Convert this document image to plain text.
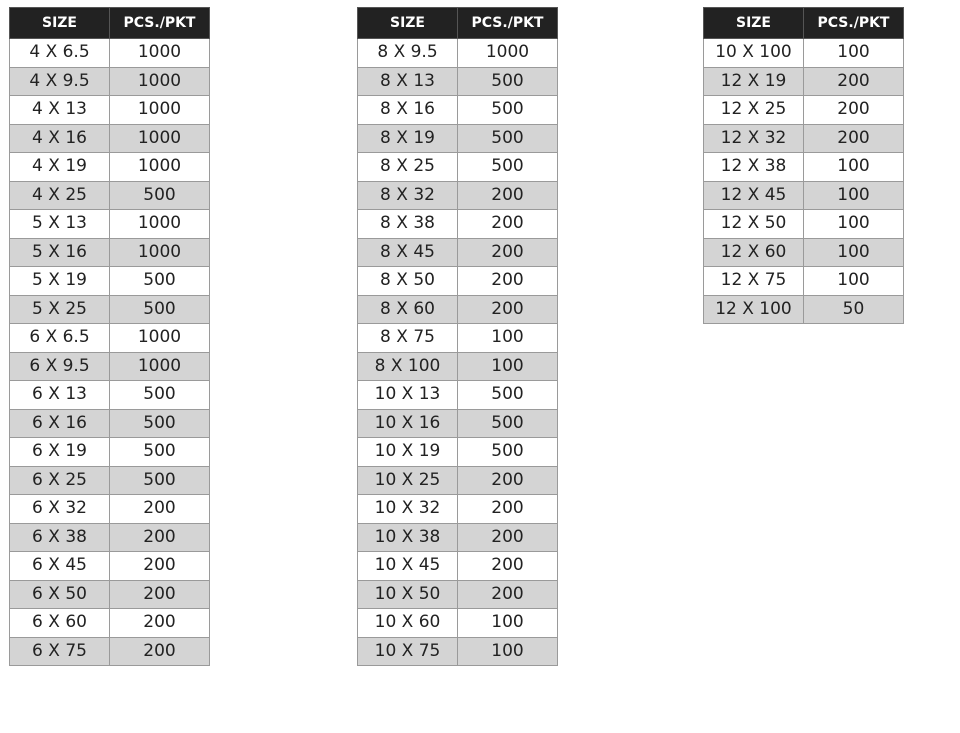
SIZE	PCS./PKT
4 X 6.5	1000
4 X 9.5	1000
4 X 13	1000
4 X 16	1000
4 X 19	1000
4 X 25	500
5 X 13	1000
5 X 16	1000
5 X 19	500
5 X 25	500
6 X 6.5	1000
6 X 9.5	1000
6 X 13	500
6 X 16	500
6 X 19	500
6 X 25	500
6 X 32	200
6 X 38	200
6 X 45	200
6 X 50	200
6 X 60	200
6 X 75	200
SIZE	PCS./PKT
8 X 9.5	1000
8 X 13	500
8 X 16	500
8 X 19	500
8 X 25	500
8 X 32	200
8 X 38	200
8 X 45	200
8 X 50	200
8 X 60	200
8 X 75	100
8 X 100	100
10 X 13	500
10 X 16	500
10 X 19	500
10 X 25	200
10 X 32	200
10 X 38	200
10 X 45	200
10 X 50	200
10 X 60	100
10 X 75	100
SIZE	PCS./PKT
10 X 100	100
12 X 19	200
12 X 25	200
12 X 32	200
12 X 38	100
12 X 45	100
12 X 50	100
12 X 60	100
12 X 75	100
12 X 100	50
